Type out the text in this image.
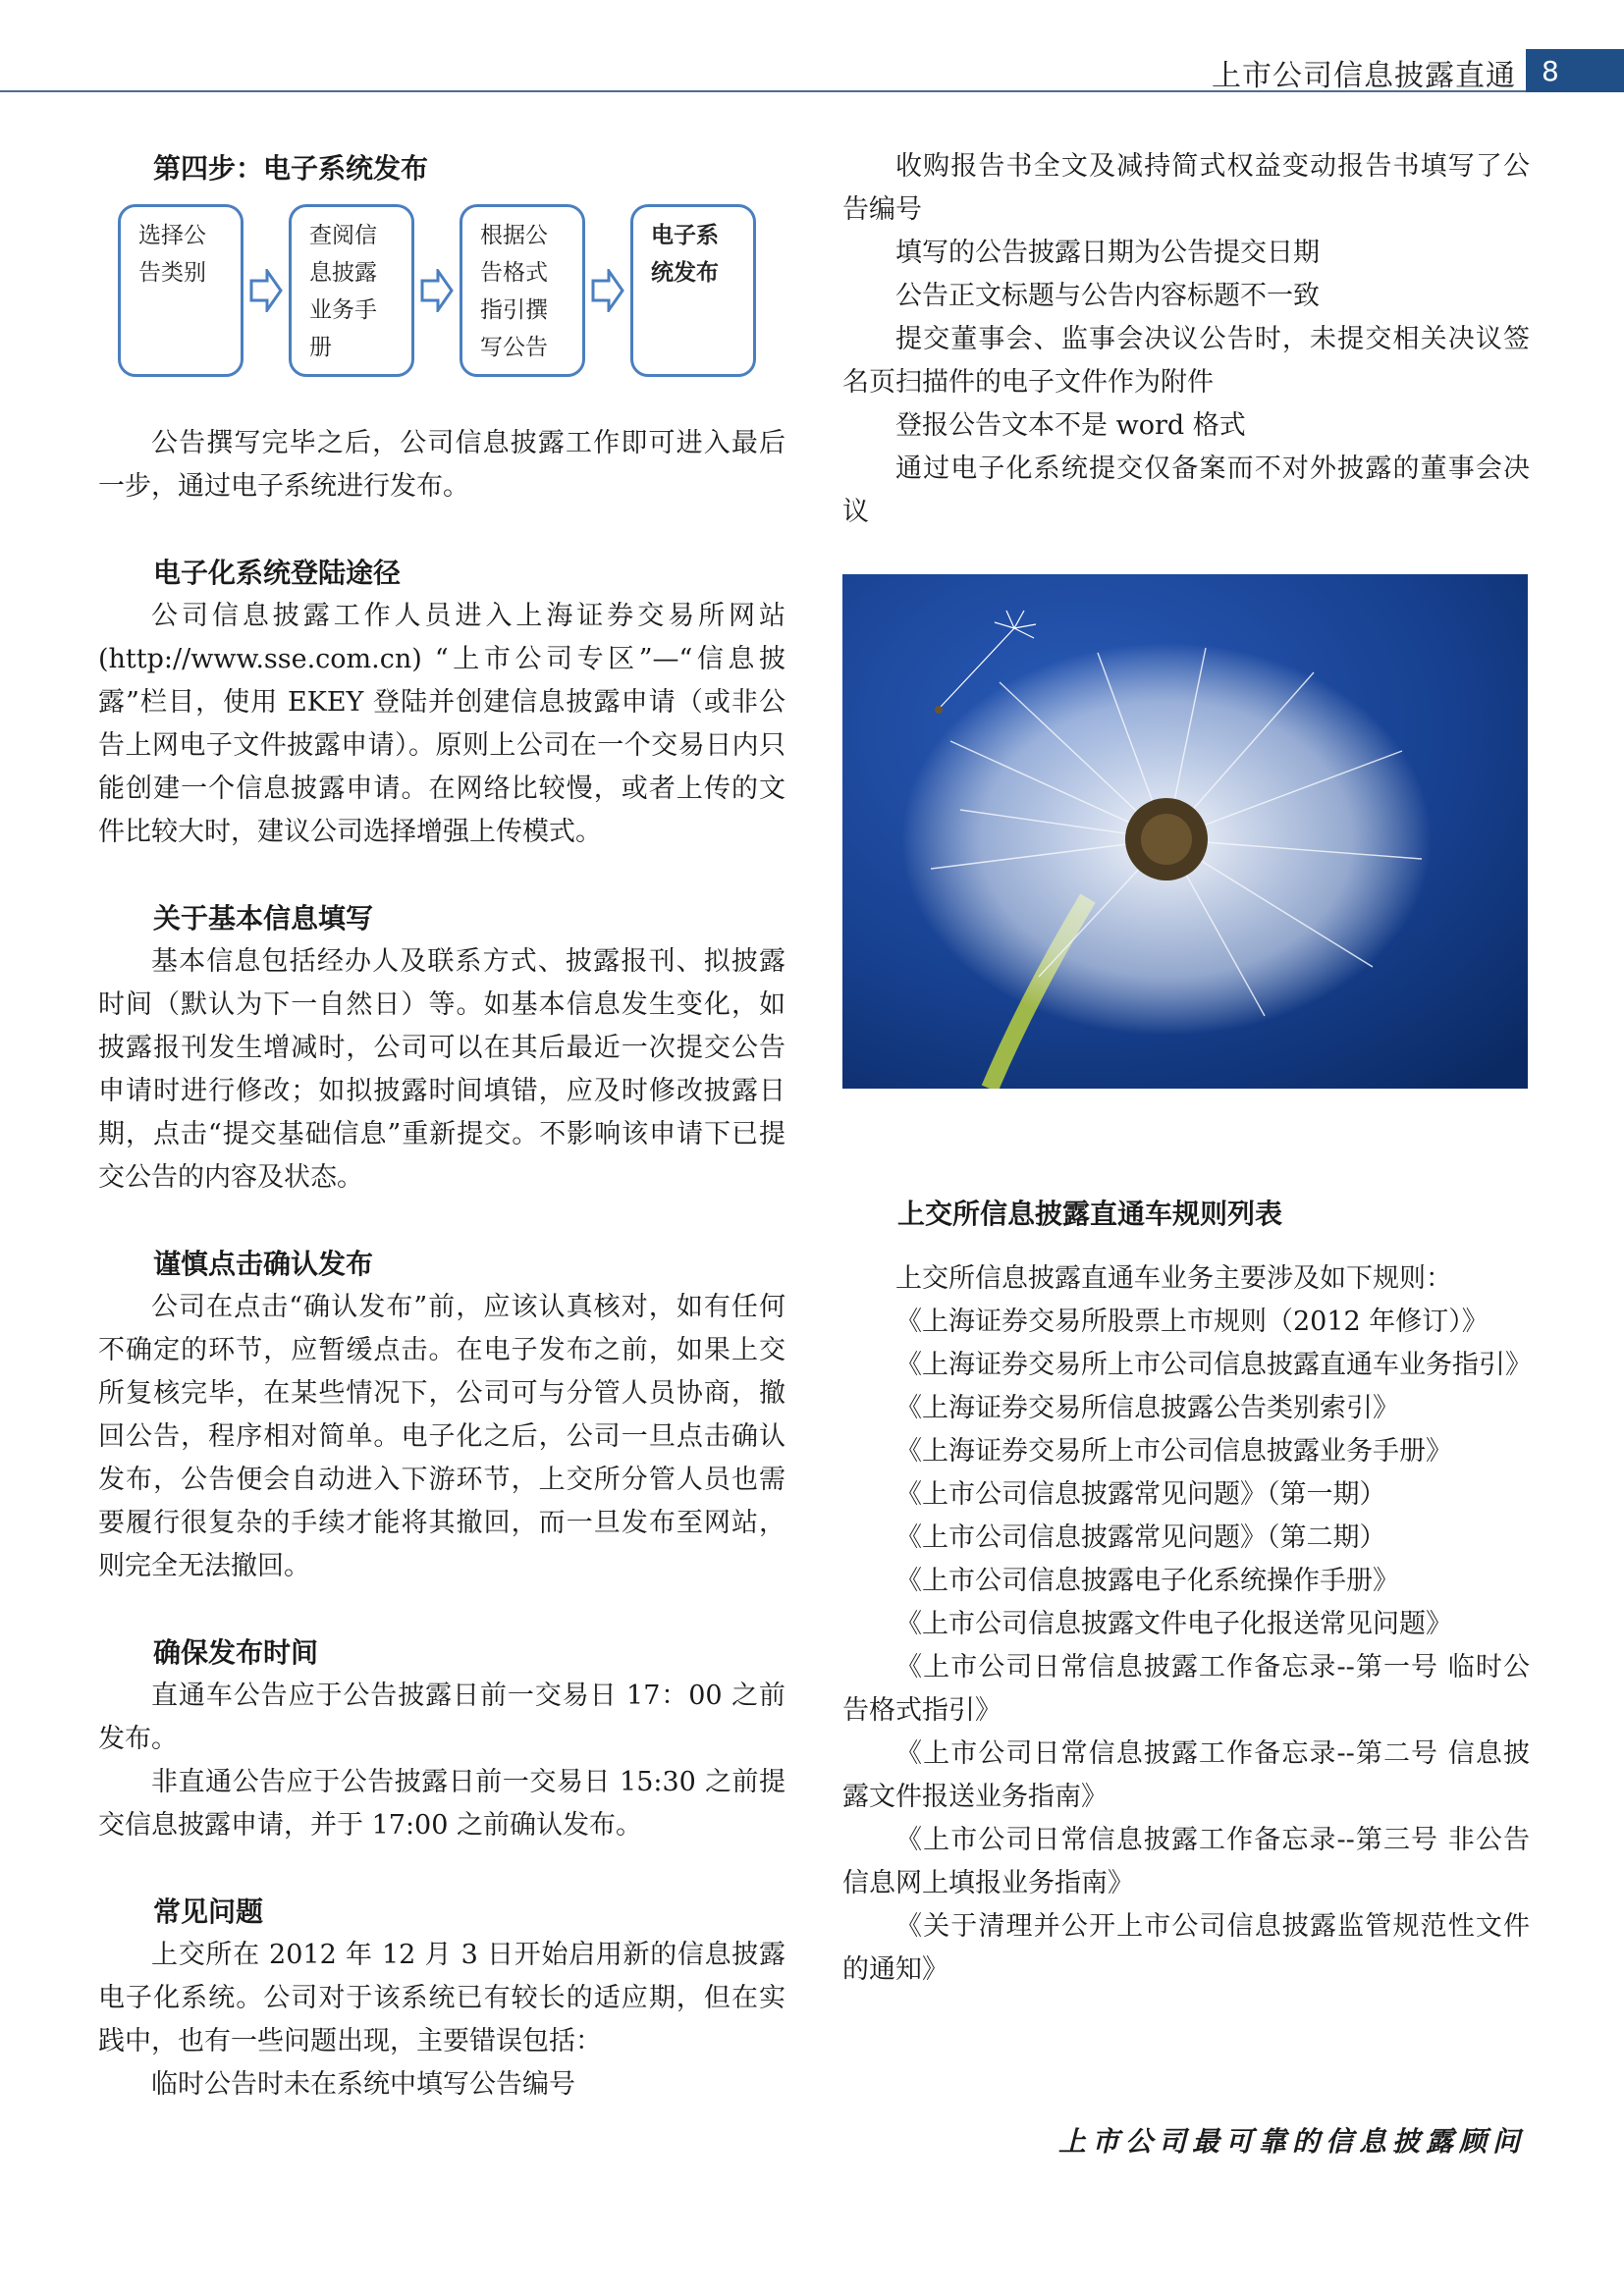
上市公司信息披露直通 8

第四步：电子系统发布

选择公告类别
查阅信息披露业务手册
根据公告格式指引撰写公告
电子系统发布

公告撰写完毕之后，公司信息披露工作即可进入最后一步，通过电子系统进行发布。

电子化系统登陆途径

公司信息披露工作人员进入上海证券交易所网站(http://www.sse.com.cn) “上市公司专区”—“信息披露”栏目，使用 EKEY 登陆并创建信息披露申请（或非公告上网电子文件披露申请）。原则上公司在一个交易日内只能创建一个信息披露申请。在网络比较慢，或者上传的文件比较大时，建议公司选择增强上传模式。

关于基本信息填写

基本信息包括经办人及联系方式、披露报刊、拟披露时间（默认为下一自然日）等。如基本信息发生变化，如披露报刊发生增减时，公司可以在其后最近一次提交公告申请时进行修改；如拟披露时间填错，应及时修改披露日期，点击“提交基础信息”重新提交。不影响该申请下已提交公告的内容及状态。

谨慎点击确认发布

公司在点击“确认发布”前，应该认真核对，如有任何不确定的环节，应暂缓点击。在电子发布之前，如果上交所复核完毕，在某些情况下，公司可与分管人员协商，撤回公告，程序相对简单。电子化之后，公司一旦点击确认发布，公告便会自动进入下游环节，上交所分管人员也需要履行很复杂的手续才能将其撤回，而一旦发布至网站，则完全无法撤回。

确保发布时间

直通车公告应于公告披露日前一交易日 17：00 之前发布。

非直通公告应于公告披露日前一交易日 15:30 之前提交信息披露申请，并于 17:00 之前确认发布。

常见问题

上交所在 2012 年 12 月 3 日开始启用新的信息披露电子化系统。公司对于该系统已有较长的适应期，但在实践中，也有一些问题出现，主要错误包括：

临时公告时未在系统中填写公告编号

收购报告书全文及减持简式权益变动报告书填写了公告编号

填写的公告披露日期为公告提交日期

公告正文标题与公告内容标题不一致

提交董事会、监事会决议公告时，未提交相关决议签名页扫描件的电子文件作为附件

登报公告文本不是 word 格式

通过电子化系统提交仅备案而不对外披露的董事会决议

上交所信息披露直通车规则列表

上交所信息披露直通车业务主要涉及如下规则：

《上海证券交易所股票上市规则（2012 年修订）》

《上海证券交易所上市公司信息披露直通车业务指引》

《上海证券交易所信息披露公告类别索引》

《上海证券交易所上市公司信息披露业务手册》

《上市公司信息披露常见问题》（第一期）

《上市公司信息披露常见问题》（第二期）

《上市公司信息披露电子化系统操作手册》

《上市公司信息披露文件电子化报送常见问题》

《上市公司日常信息披露工作备忘录--第一号 临时公告格式指引》

《上市公司日常信息披露工作备忘录--第二号 信息披露文件报送业务指南》

《上市公司日常信息披露工作备忘录--第三号 非公告信息网上填报业务指南》

《关于清理并公开上市公司信息披露监管规范性文件的通知》

上市公司最可靠的信息披露顾问
